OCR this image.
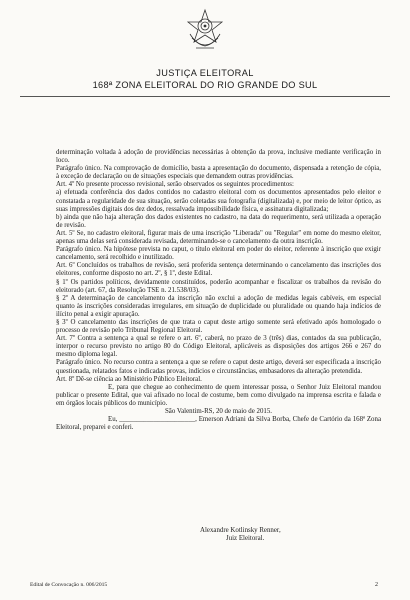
JUSTIÇA ELEITORAL
168ª ZONA ELEITORAL DO RIO GRANDE DO SUL

determinação voltada à adoção de providências necessárias à obtenção da prova, inclusive mediante verificação in loco.

Parágrafo único. Na comprovação de domicílio, basta a apresentação do documento, dispensada a retenção de cópia, à exceção de declaração ou de situações especiais que demandem outras providências.

Art. 4º No presente processo revisional, serão observados os seguintes procedimentos:

a) efetuada conferência dos dados contidos no cadastro eleitoral com os documentos apresentados pelo eleitor e constatada a regularidade de sua situação, serão coletadas sua fotografia (digitalizada) e, por meio de leitor óptico, as suas impressões digitais dos dez dedos, ressalvada impossibilidade física, e assinatura digitalizada;

b) ainda que não haja alteração dos dados existentes no cadastro, na data do requerimento, será utilizada a operação de revisão.

Art. 5º Se, no cadastro eleitoral, figurar mais de uma inscrição "Liberada" ou "Regular" em nome do mesmo eleitor, apenas uma delas será considerada revisada, determinando-se o cancelamento da outra inscrição.

Parágrafo único. Na hipótese prevista no caput, o título eleitoral em poder do eleitor, referente à inscrição que exigir cancelamento, será recolhido e inutilizado.

Art. 6º Concluídos os trabalhos de revisão, será proferida sentença determinando o cancelamento das inscrições dos eleitores, conforme disposto no art. 2º, § 1º, deste Edital.

§ 1º Os partidos políticos, devidamente constituídos, poderão acompanhar e fiscalizar os trabalhos da revisão do eleitorado (art. 67, da Resolução TSE n. 21.538/03).

§ 2º A determinação de cancelamento da inscrição não exclui a adoção de medidas legais cabíveis, em especial quanto às inscrições consideradas irregulares, em situação de duplicidade ou pluralidade ou quando haja indícios de ilícito penal a exigir apuração.

§ 3º O cancelamento das inscrições de que trata o caput deste artigo somente será efetivado após homologado o processo de revisão pelo Tribunal Regional Eleitoral.

Art. 7º Contra a sentença a qual se refere o art. 6º, caberá, no prazo de 3 (três) dias, contados da sua publicação, interpor o recurso previsto no artigo 80 do Código Eleitoral, aplicáveis as disposições dos artigos 266 e 267 do mesmo diploma legal.

Parágrafo único. No recurso contra a sentença a que se refere o caput deste artigo, deverá ser especificada a inscrição questionada, relatados fatos e indicadas provas, indícios e circunstâncias, embasadores da alteração pretendida.

Art. 8º Dê-se ciência ao Ministério Público Eleitoral.

E, para que chegue ao conhecimento de quem interessar possa, o Senhor Juiz Eleitoral mandou publicar o presente Edital, que vai afixado no local de costume, bem como divulgado na imprensa escrita e falada e em órgãos locais públicos do município.

São Valentim-RS, 20 de maio de 2015.

Eu, ______________________, Emerson Adriani da Silva Borba, Chefe de Cartório da 168ª Zona Eleitoral, preparei e conferi.

Alexandre Kotlinsky Renner,
Juiz Eleitoral.
Edital de Convocação n. 006/2015	2
